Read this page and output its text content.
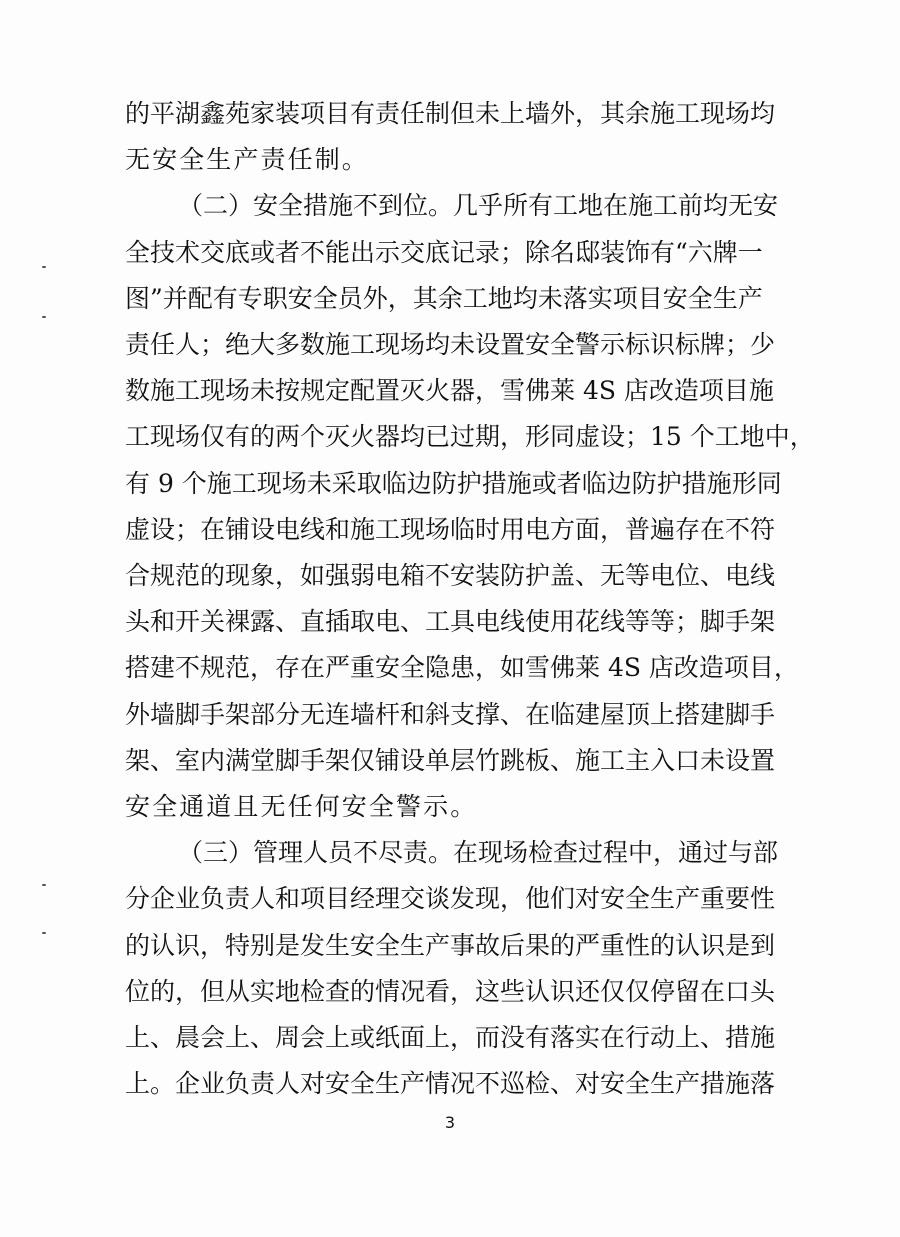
的平湖鑫苑家装项目有责任制但未上墙外，其余施工现场均
无安全生产责任制。
（二）安全措施不到位。几乎所有工地在施工前均无安
全技术交底或者不能出示交底记录；除名邸装饰有“六牌一
图”并配有专职安全员外，其余工地均未落实项目安全生产
责任人；绝大多数施工现场均未设置安全警示标识标牌；少
数施工现场未按规定配置灭火器，雪佛莱 4S 店改造项目施
工现场仅有的两个灭火器均已过期，形同虚设；15 个工地中，
有 9 个施工现场未采取临边防护措施或者临边防护措施形同
虚设；在铺设电线和施工现场临时用电方面，普遍存在不符
合规范的现象，如强弱电箱不安装防护盖、无等电位、电线
头和开关裸露、直插取电、工具电线使用花线等等；脚手架
搭建不规范，存在严重安全隐患，如雪佛莱 4S 店改造项目，
外墙脚手架部分无连墙杆和斜支撑、在临建屋顶上搭建脚手
架、室内满堂脚手架仅铺设单层竹跳板、施工主入口未设置
安全通道且无任何安全警示。
（三）管理人员不尽责。在现场检查过程中，通过与部
分企业负责人和项目经理交谈发现，他们对安全生产重要性
的认识，特别是发生安全生产事故后果的严重性的认识是到
位的，但从实地检查的情况看，这些认识还仅仅停留在口头
上、晨会上、周会上或纸面上，而没有落实在行动上、措施
上。企业负责人对安全生产情况不巡检、对安全生产措施落
3
